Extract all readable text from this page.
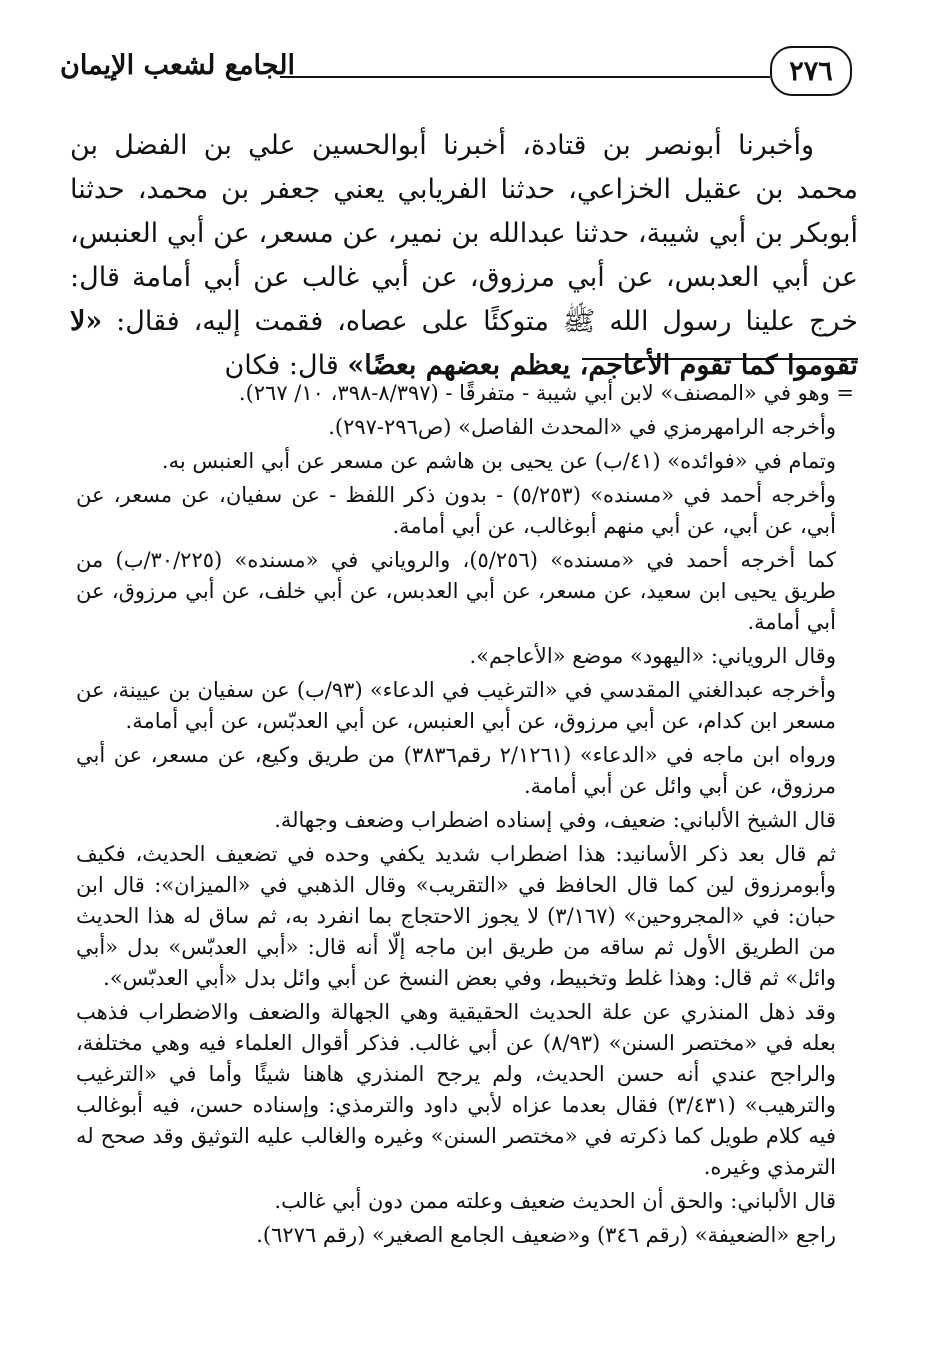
٢٧٦
الجامع لشعب الإيمان

وأخبرنا أبونصر بن قتادة، أخبرنا أبوالحسين علي بن الفضل بن محمد بن عقيل الخزاعي، حدثنا الفريابي يعني جعفر بن محمد، حدثنا أبوبكر بن أبي شيبة، حدثنا عبدالله بن نمير، عن مسعر، عن أبي العنبس، عن أبي العدبس، عن أبي مرزوق، عن أبي غالب عن أبي أمامة قال: خرج علينا رسول الله ﷺ متوكئًا على عصاه، فقمت إليه، فقال: «لا تقوموا كما تقوم الأعاجم، يعظم بعضهم بعضًا» قال: فكان

= وهو في «المصنف» لابن أبي شيبة - متفرقًا - (٨/٣٩٧-٣٩٨، ١٠/ ٢٦٧).

وأخرجه الرامهرمزي في «المحدث الفاصل» (ص٢٩٦-٢٩٧).

وتمام في «فوائده» (٤١/ب) عن يحيى بن هاشم عن مسعر عن أبي العنبس به.

وأخرجه أحمد في «مسنده» (٥/٢٥٣) - بدون ذكر اللفظ - عن سفيان، عن مسعر، عن أبي، عن أبي، عن أبي منهم أبوغالب، عن أبي أمامة.

كما أخرجه أحمد في «مسنده» (٥/٢٥٦)، والروياني في «مسنده» (٣٠/٢٢٥/ب) من طريق يحيى ابن سعيد، عن مسعر، عن أبي العدبس، عن أبي خلف، عن أبي مرزوق، عن أبي أمامة.

وقال الروياني: «اليهود» موضع «الأعاجم».

وأخرجه عبدالغني المقدسي في «الترغيب في الدعاء» (٩٣/ب) عن سفيان بن عيينة، عن مسعر ابن كدام، عن أبي مرزوق، عن أبي العنبس، عن أبي العدبّس، عن أبي أمامة.

ورواه ابن ماجه في «الدعاء» (٢/١٢٦١ رقم٣٨٣٦) من طريق وكيع، عن مسعر، عن أبي مرزوق، عن أبي وائل عن أبي أمامة.

قال الشيخ الألباني: ضعيف، وفي إسناده اضطراب وضعف وجهالة.

ثم قال بعد ذكر الأسانيد: هذا اضطراب شديد يكفي وحده في تضعيف الحديث، فكيف وأبومرزوق لين كما قال الحافظ في «التقريب» وقال الذهبي في «الميزان»: قال ابن حبان: في «المجروحين» (٣/١٦٧) لا يجوز الاحتجاج بما انفرد به، ثم ساق له هذا الحديث من الطريق الأول ثم ساقه من طريق ابن ماجه إلّا أنه قال: «أبي العدبّس» بدل «أبي وائل» ثم قال: وهذا غلط وتخبيط، وفي بعض النسخ عن أبي وائل بدل «أبي العدبّس».

وقد ذهل المنذري عن علة الحديث الحقيقية وهي الجهالة والضعف والاضطراب فذهب بعله في «مختصر السنن» (٨/٩٣) عن أبي غالب. فذكر أقوال العلماء فيه وهي مختلفة، والراجح عندي أنه حسن الحديث، ولم يرجح المنذري هاهنا شيئًا وأما في «الترغيب والترهيب» (٣/٤٣١) فقال بعدما عزاه لأبي داود والترمذي: وإسناده حسن، فيه أبوغالب فيه كلام طويل كما ذكرته في «مختصر السنن» وغيره والغالب عليه التوثيق وقد صحح له الترمذي وغيره.

قال الألباني: والحق أن الحديث ضعيف وعلته ممن دون أبي غالب.

راجع «الضعيفة» (رقم ٣٤٦) و«ضعيف الجامع الصغير» (رقم ٦٢٧٦).
